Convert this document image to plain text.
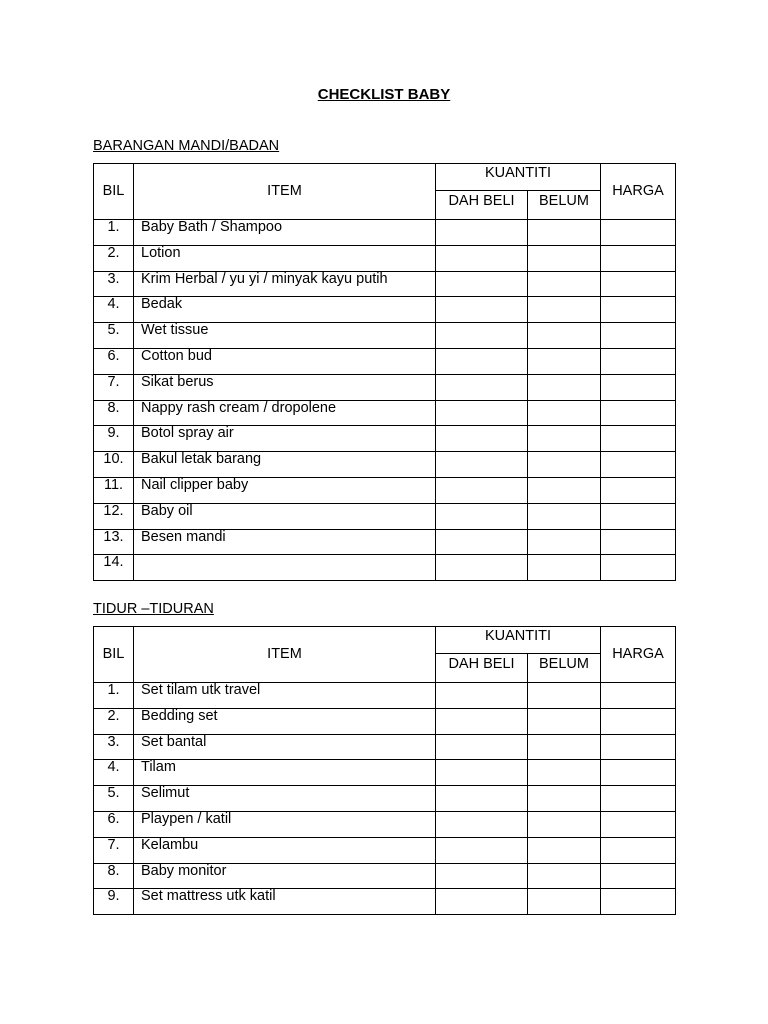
CHECKLIST BABY
BARANGAN MANDI/BADAN
BIL	ITEM	KUANTITI		HARGA
		DAH BELI	BELUM	
1.	Baby Bath / Shampoo			
2.	Lotion			
3.	Krim Herbal / yu yi / minyak kayu putih			
4.	Bedak			
5.	Wet tissue			
6.	Cotton bud			
7.	Sikat berus			
8.	Nappy rash cream / dropolene			
9.	Botol spray air			
10.	Bakul letak barang			
11.	Nail clipper baby			
12.	Baby oil			
13.	Besen mandi			
14.				
TIDUR –TIDURAN
BIL	ITEM	KUANTITI		HARGA
		DAH BELI	BELUM	
1.	Set tilam utk travel			
2.	Bedding set			
3.	Set bantal			
4.	Tilam			
5.	Selimut			
6.	Playpen / katil			
7.	Kelambu			
8.	Baby monitor			
9.	Set mattress utk katil			
